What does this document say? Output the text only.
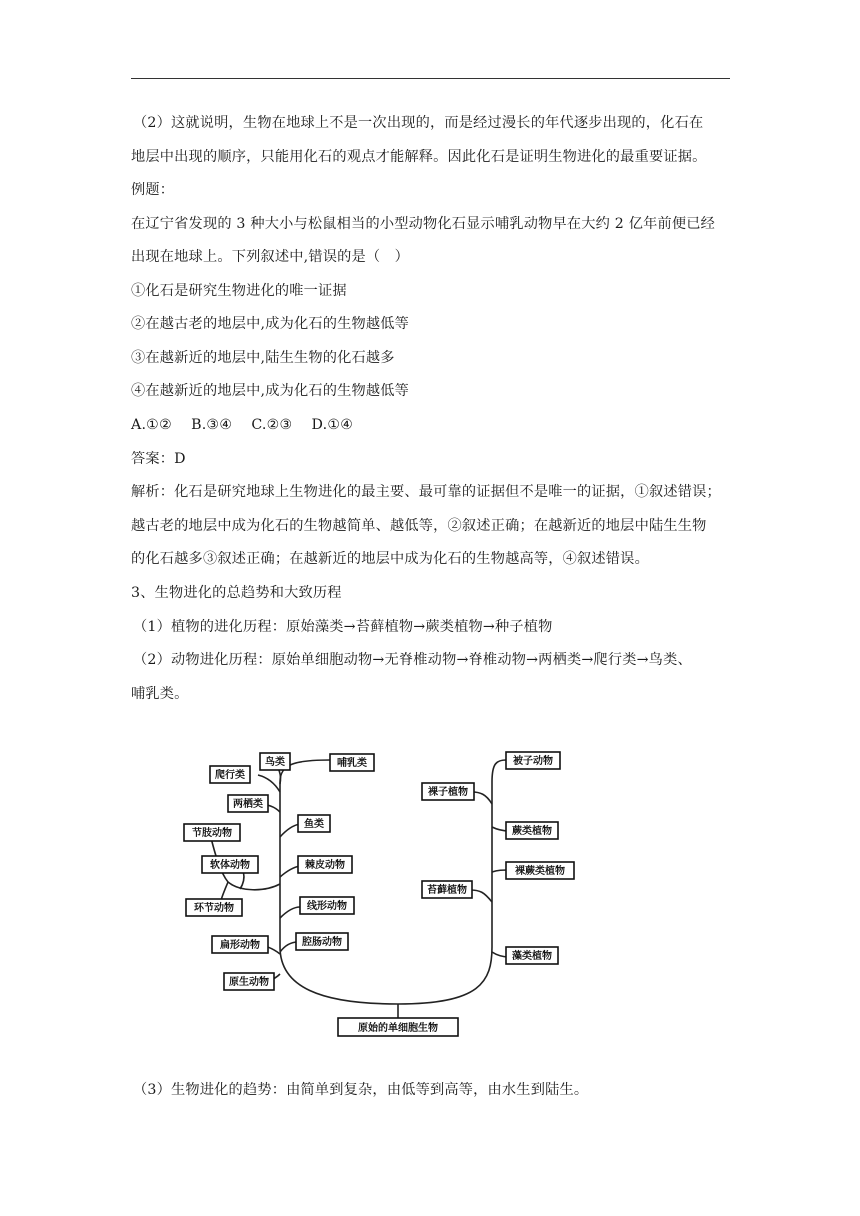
（2）这就说明，生物在地球上不是一次出现的，而是经过漫长的年代逐步出现的，化石在
地层中出现的顺序，只能用化石的观点才能解释。因此化石是证明生物进化的最重要证据。
例题：
在辽宁省发现的 3 种大小与松鼠相当的小型动物化石显示哺乳动物早在大约 2 亿年前便已经
出现在地球上。下列叙述中,错误的是（　）
①化石是研究生物进化的唯一证据
②在越古老的地层中,成为化石的生物越低等
③在越新近的地层中,陆生生物的化石越多
④在越新近的地层中,成为化石的生物越低等
A.①②　 B.③④　 C.②③　 D.①④
答案：D
解析：化石是研究地球上生物进化的最主要、最可靠的证据但不是唯一的证据，①叙述错误；
越古老的地层中成为化石的生物越简单、越低等，②叙述正确；在越新近的地层中陆生生物
的化石越多③叙述正确；在越新近的地层中成为化石的生物越高等，④叙述错误。
3、生物进化的总趋势和大致历程
（1）植物的进化历程：原始藻类→苔藓植物→蕨类植物→种子植物
（2）动物进化历程：原始单细胞动物→无脊椎动物→脊椎动物→两栖类→爬行类→鸟类、
哺乳类。
原始的单细胞生物
原生动物
扁形动物	腔肠动物
线形动物
环节动物
软体动物	棘皮动物
节肢动物
鱼类
两栖类
爬行类
鸟类	哺乳类
藻类植物
苔藓植物
裸蕨类植物
蕨类植物
裸子植物
被子动物
（3）生物进化的趋势：由简单到复杂，由低等到高等，由水生到陆生。
